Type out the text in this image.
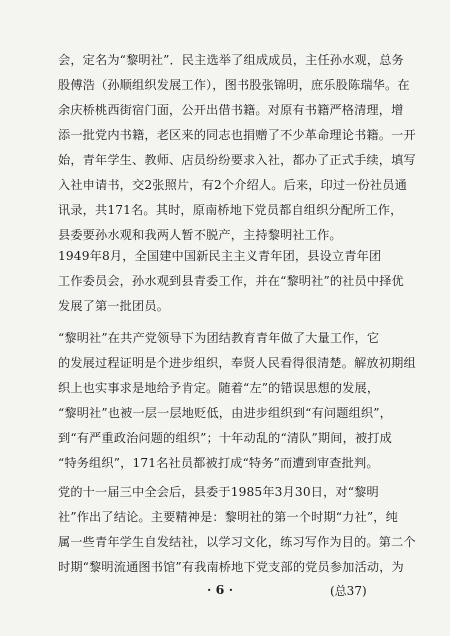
会，定名为“黎明社”．民主选举了组成成员，主任孙水观，总务
股傅浩（孙顺组织发展工作），图书股张锦明，庶乐股陈瑞华。在
余庆桥桃西街宿门面，公开出借书籍。对原有书籍严格清理，增
添一批党内书籍，老区来的同志也捐赠了不少革命理论书籍。一开
始，青年学生、教师、店员纷纷要求入社，都办了正式手续，填写
入社申请书，交2张照片，有2个介绍人。后来，印过一份社员通
讯录，共171名。其时，原南桥地下党员都自组织分配所工作，
县委要孙水观和我两人暂不脱产，主持黎明社工作。
1949年8月，全国建中国新民主主义青年团，县设立青年团
工作委员会，孙水观到县青委工作，并在“黎明社”的社员中择优
发展了第一批团员。
“黎明社”在共产党领导下为团结教育青年做了大量工作，它
的发展过程证明是个进步组织，奉贤人民看得很清楚。解放初期组
织上也实事求是地给予肯定。随着“左”的错误思想的发展，
“黎明社”也被一层一层地贬低，由进步组织到“有问题组织”，
到“有严重政治问题的组织”；十年动乱的“清队”期间，被打成
“特务组织”，171名社员都被打成“特务”而遭到审查批判。
党的十一届三中全会后，县委于1985年3月30日，对“黎明
社”作出了结论。主要精神是：黎明社的第一个时期“力社”，纯
属一些青年学生自发结社，以学习文化，练习写作为目的。第二个
时期“黎明流通图书馆”有我南桥地下党支部的党员参加活动，为
· 6 ·	(总37)
